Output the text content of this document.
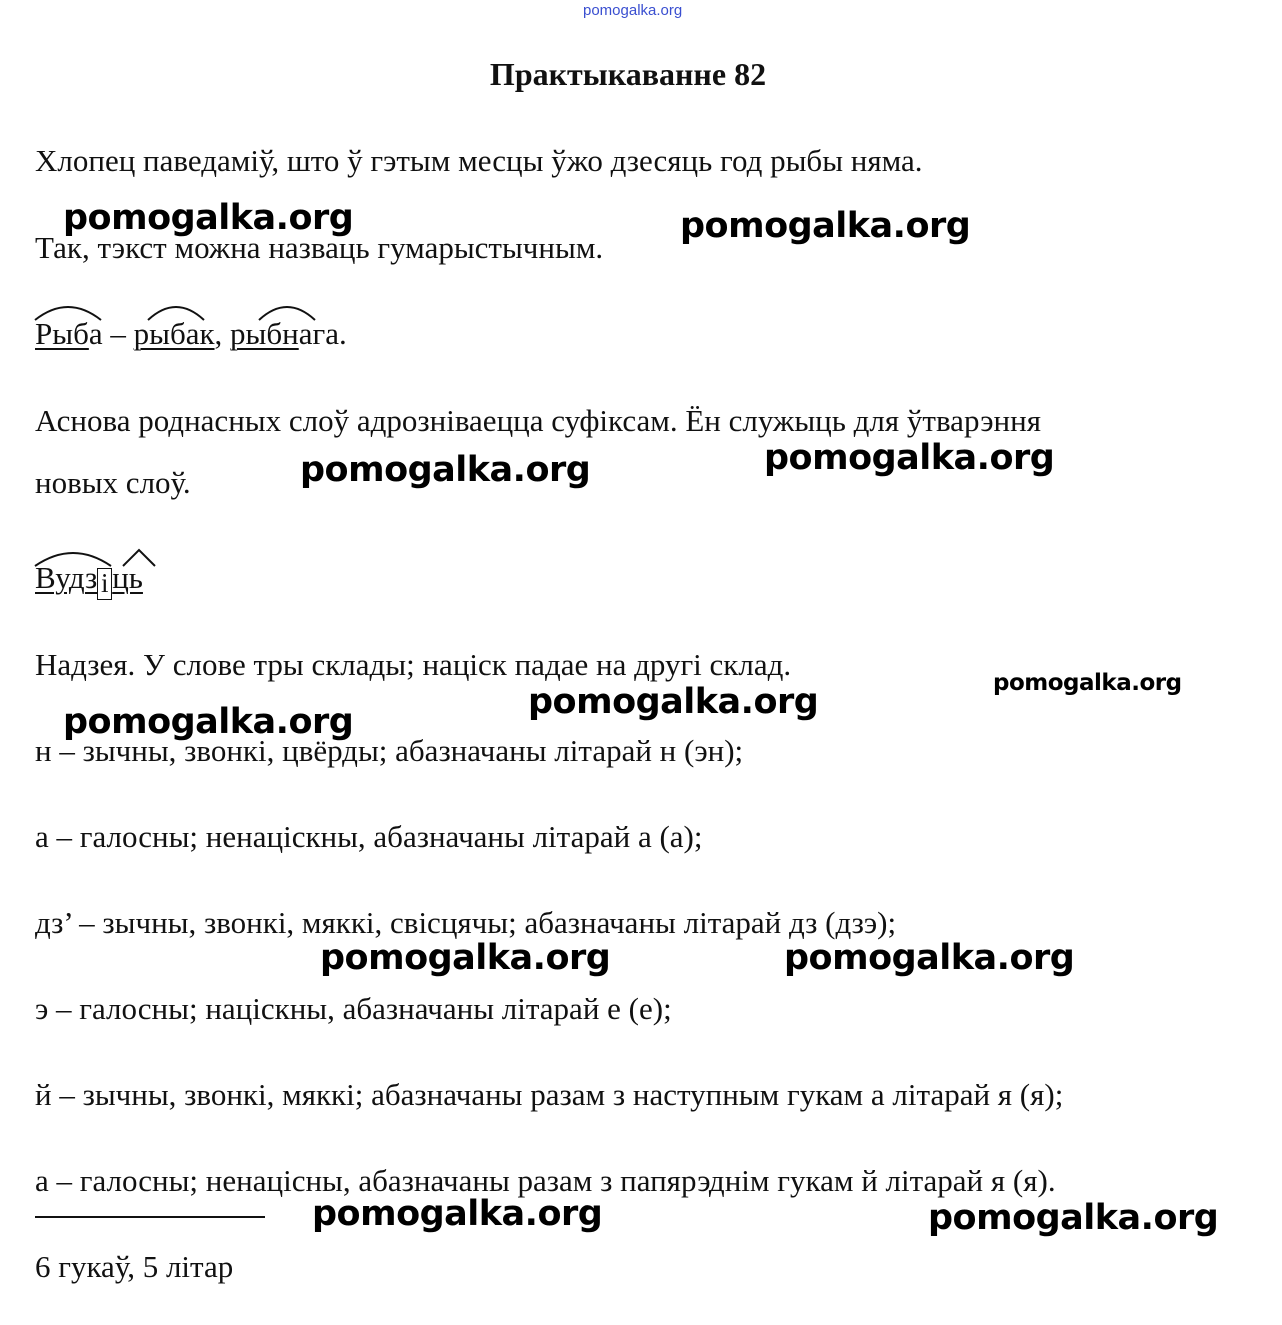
pomogalka.org
Практыкаванне 82
Хлопец паведаміў, што ў гэтым месцы ўжо дзесяць год рыбы няма.
Так, тэкст можна назваць гумарыстычным.
Рыба – рыбак, рыбнага.
Аснова роднасных слоў адрозніваецца суфіксам. Ён служыць для ўтварэння
новых слоў.
Вудз і ць
Надзея. У слове тры склады; націск падае на другі склад.
н – зычны, звонкі, цвёрды; абазначаны літарай н (эн);
а – галосны; ненаціскны, абазначаны літарай а (а);
дз’ – зычны, звонкі, мяккі, свісцячы; абазначаны літарай дз (дзэ);
э – галосны; націскны, абазначаны літарай е (е);
й – зычны, звонкі, мяккі; абазначаны разам з наступным гукам а літарай я (я);
а – галосны; ненацісны, абазначаны разам з папярэднім гукам й літарай я (я).
6 гукаў, 5 літар
pomogalka.org	pomogalka.org
pomogalka.org	pomogalka.org
pomogalka.org
pomogalka.org
pomogalka.org
pomogalka.org	pomogalka.org
pomogalka.org	pomogalka.org
